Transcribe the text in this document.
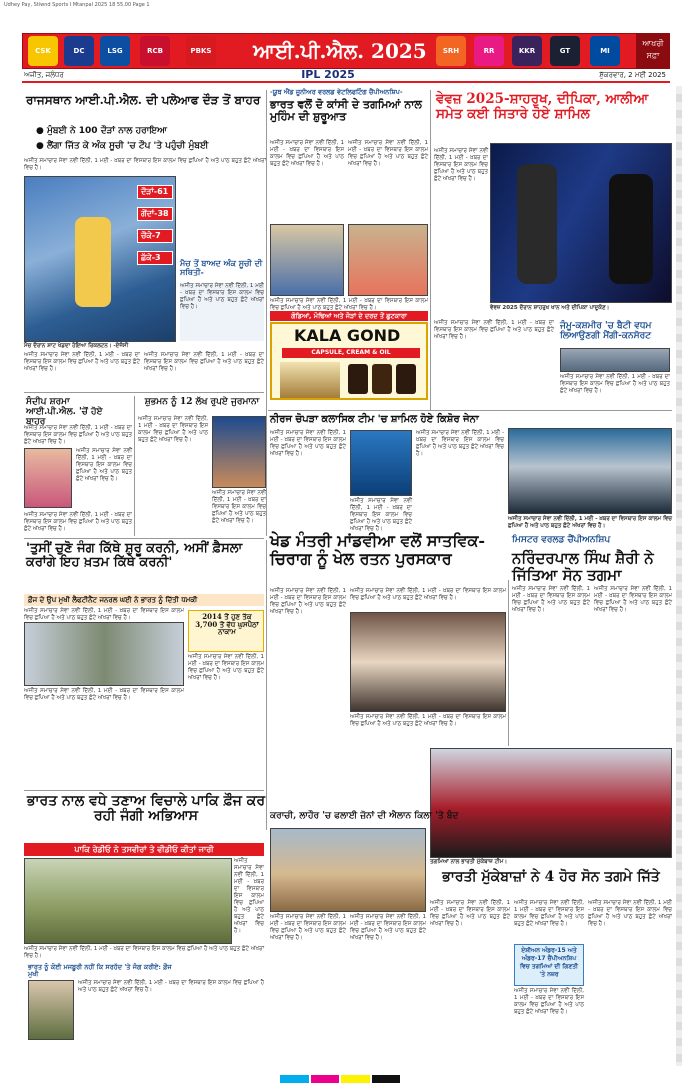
Udhey Pay, Stiwnd Sports I Mtanpal 2025 18 55.00 Page 1
CSK	DC	LSG	RCB	PBKS	SRH	RR	KKR	GT	MI
ਆਈ.ਪੀ.ਐਲ. 2025	ਆਖਰੀ ਸਫ਼ਾ
ਅਜੀਤ, ਜਲੰਧਰ	ਸ਼ੁੱਕਰਵਾਰ, 2 ਮਈ 2025
IPL 2025
ਰਾਜਸਥਾਨ ਆਈ.ਪੀ.ਐਲ. ਦੀ ਪਲੇਆਫ ਦੌੜ ਤੋਂ ਬਾਹਰ
● ਮੁੰਬਈ ਨੇ 100 ਦੌੜਾਂ ਨਾਲ ਹਰਾਇਆ
● ਲੈਂਗਾ ਜਿੱਤ ਕੇ ਅੰਕ ਸੂਚੀ 'ਚ ਟੌਪ 'ਤੇ ਪਹੁੰਚੀ ਮੁੰਬਈ
ਅਜੀਤ ਸਮਾਚਾਰ ਸੇਵਾ ਨਵੀਂ ਦਿੱਲੀ, 1 ਮਈ - ਖ਼ਬਰ ਦਾ ਵਿਸਥਾਰ ਇਸ ਕਾਲਮ ਵਿਚ ਛਪਿਆ ਹੈ ਅਤੇ ਪਾਠ ਬਹੁਤ ਛੋਟੇ ਅੱਖਰਾਂ ਵਿਚ ਹੈ।
ਦੌੜਾਂ-61
ਗੇਂਦਾਂ-38
ਚੌਕੇ-7
ਛੱਕੇ-3
ਮੈਚ ਤੋਂ ਬਾਅਦ ਅੰਕ ਸੂਚੀ ਦੀ ਸਥਿਤੀ-
ਅਜੀਤ ਸਮਾਚਾਰ ਸੇਵਾ ਨਵੀਂ ਦਿੱਲੀ, 1 ਮਈ - ਖ਼ਬਰ ਦਾ ਵਿਸਥਾਰ ਇਸ ਕਾਲਮ ਵਿਚ ਛਪਿਆ ਹੈ ਅਤੇ ਪਾਠ ਬਹੁਤ ਛੋਟੇ ਅੱਖਰਾਂ ਵਿਚ ਹੈ।
ਮੈਚ ਦੌਰਾਨ ਸ਼ਾਟ ਖੇਡਦਾ ਹੋਇਆ ਰਿਕਲਟਨ। -ਏਜੰਸੀ
ਅਜੀਤ ਸਮਾਚਾਰ ਸੇਵਾ ਨਵੀਂ ਦਿੱਲੀ, 1 ਮਈ - ਖ਼ਬਰ ਦਾ ਵਿਸਥਾਰ ਇਸ ਕਾਲਮ ਵਿਚ ਛਪਿਆ ਹੈ ਅਤੇ ਪਾਠ ਬਹੁਤ ਛੋਟੇ ਅੱਖਰਾਂ ਵਿਚ ਹੈ।
ਅਜੀਤ ਸਮਾਚਾਰ ਸੇਵਾ ਨਵੀਂ ਦਿੱਲੀ, 1 ਮਈ - ਖ਼ਬਰ ਦਾ ਵਿਸਥਾਰ ਇਸ ਕਾਲਮ ਵਿਚ ਛਪਿਆ ਹੈ ਅਤੇ ਪਾਠ ਬਹੁਤ ਛੋਟੇ ਅੱਖਰਾਂ ਵਿਚ ਹੈ।
ਸੰਦੀਪ ਸ਼ਰਮਾ ਆਈ.ਪੀ.ਐਲ. 'ਚੋਂ ਹੋਏ ਬਾਹਰ
ਅਜੀਤ ਸਮਾਚਾਰ ਸੇਵਾ ਨਵੀਂ ਦਿੱਲੀ, 1 ਮਈ - ਖ਼ਬਰ ਦਾ ਵਿਸਥਾਰ ਇਸ ਕਾਲਮ ਵਿਚ ਛਪਿਆ ਹੈ ਅਤੇ ਪਾਠ ਬਹੁਤ ਛੋਟੇ ਅੱਖਰਾਂ ਵਿਚ ਹੈ।
ਅਜੀਤ ਸਮਾਚਾਰ ਸੇਵਾ ਨਵੀਂ ਦਿੱਲੀ, 1 ਮਈ - ਖ਼ਬਰ ਦਾ ਵਿਸਥਾਰ ਇਸ ਕਾਲਮ ਵਿਚ ਛਪਿਆ ਹੈ ਅਤੇ ਪਾਠ ਬਹੁਤ ਛੋਟੇ ਅੱਖਰਾਂ ਵਿਚ ਹੈ।
ਅਜੀਤ ਸਮਾਚਾਰ ਸੇਵਾ ਨਵੀਂ ਦਿੱਲੀ, 1 ਮਈ - ਖ਼ਬਰ ਦਾ ਵਿਸਥਾਰ ਇਸ ਕਾਲਮ ਵਿਚ ਛਪਿਆ ਹੈ ਅਤੇ ਪਾਠ ਬਹੁਤ ਛੋਟੇ ਅੱਖਰਾਂ ਵਿਚ ਹੈ।
ਸ਼ੁਭਮਨ ਨੂੰ 12 ਲੱਖ ਰੁਪਏ ਜੁਰਮਾਨਾ
ਅਜੀਤ ਸਮਾਚਾਰ ਸੇਵਾ ਨਵੀਂ ਦਿੱਲੀ, 1 ਮਈ - ਖ਼ਬਰ ਦਾ ਵਿਸਥਾਰ ਇਸ ਕਾਲਮ ਵਿਚ ਛਪਿਆ ਹੈ ਅਤੇ ਪਾਠ ਬਹੁਤ ਛੋਟੇ ਅੱਖਰਾਂ ਵਿਚ ਹੈ।
ਅਜੀਤ ਸਮਾਚਾਰ ਸੇਵਾ ਨਵੀਂ ਦਿੱਲੀ, 1 ਮਈ - ਖ਼ਬਰ ਦਾ ਵਿਸਥਾਰ ਇਸ ਕਾਲਮ ਵਿਚ ਛਪਿਆ ਹੈ ਅਤੇ ਪਾਠ ਬਹੁਤ ਛੋਟੇ ਅੱਖਰਾਂ ਵਿਚ ਹੈ।
-ਯੂਥ ਐਂਡ ਜੂਨੀਅਰ ਵਰਲਡ ਵੇਟਲਿਫਟਿੰਗ ਚੈਂਪੀਅਨਸ਼ਿਪ-
ਭਾਰਤ ਵਲੋਂ ਦੋ ਕਾਂਸੀ ਦੇ ਤਗਮਿਆਂ ਨਾਲ ਮੁਹਿੰਮ ਦੀ ਸ਼ੁਰੂਆਤ
ਅਜੀਤ ਸਮਾਚਾਰ ਸੇਵਾ ਨਵੀਂ ਦਿੱਲੀ, 1 ਮਈ - ਖ਼ਬਰ ਦਾ ਵਿਸਥਾਰ ਇਸ ਕਾਲਮ ਵਿਚ ਛਪਿਆ ਹੈ ਅਤੇ ਪਾਠ ਬਹੁਤ ਛੋਟੇ ਅੱਖਰਾਂ ਵਿਚ ਹੈ।
ਅਜੀਤ ਸਮਾਚਾਰ ਸੇਵਾ ਨਵੀਂ ਦਿੱਲੀ, 1 ਮਈ - ਖ਼ਬਰ ਦਾ ਵਿਸਥਾਰ ਇਸ ਕਾਲਮ ਵਿਚ ਛਪਿਆ ਹੈ ਅਤੇ ਪਾਠ ਬਹੁਤ ਛੋਟੇ ਅੱਖਰਾਂ ਵਿਚ ਹੈ।
ਅਜੀਤ ਸਮਾਚਾਰ ਸੇਵਾ ਨਵੀਂ ਦਿੱਲੀ, 1 ਮਈ - ਖ਼ਬਰ ਦਾ ਵਿਸਥਾਰ ਇਸ ਕਾਲਮ ਵਿਚ ਛਪਿਆ ਹੈ ਅਤੇ ਪਾਠ ਬਹੁਤ ਛੋਟੇ ਅੱਖਰਾਂ ਵਿਚ ਹੈ।
ਗੋਡਿਆਂ, ਮੋਢਿਆਂ ਅਤੇ ਜੋੜਾਂ ਦੇ ਦਰਦ ਤੋਂ ਛੁਟਕਾਰਾ
KALA GOND
CAPSULE, CREAM & OIL
ਵੇਵਜ਼ 2025-ਸ਼ਾਹਰੁਖ, ਦੀਪਿਕਾ, ਆਲੀਆ ਸਮੇਤ ਕਈ ਸਿਤਾਰੇ ਹੋਏ ਸ਼ਾਮਿਲ
ਅਜੀਤ ਸਮਾਚਾਰ ਸੇਵਾ ਨਵੀਂ ਦਿੱਲੀ, 1 ਮਈ - ਖ਼ਬਰ ਦਾ ਵਿਸਥਾਰ ਇਸ ਕਾਲਮ ਵਿਚ ਛਪਿਆ ਹੈ ਅਤੇ ਪਾਠ ਬਹੁਤ ਛੋਟੇ ਅੱਖਰਾਂ ਵਿਚ ਹੈ।
ਵੇਵਜ਼ 2025 ਦੌਰਾਨ ਸ਼ਾਹਰੁਖ ਖਾਨ ਅਤੇ ਦੀਪਿਕਾ ਪਾਦੂਕੋਣ।
ਅਜੀਤ ਸਮਾਚਾਰ ਸੇਵਾ ਨਵੀਂ ਦਿੱਲੀ, 1 ਮਈ - ਖ਼ਬਰ ਦਾ ਵਿਸਥਾਰ ਇਸ ਕਾਲਮ ਵਿਚ ਛਪਿਆ ਹੈ ਅਤੇ ਪਾਠ ਬਹੁਤ ਛੋਟੇ ਅੱਖਰਾਂ ਵਿਚ ਹੈ।
ਜੰਮੂ-ਕਸ਼ਮੀਰ 'ਚ ਬੈਟੀ ਵਧਮ ਲਿਆਉਣਗੀ ਮੈਂਗੀ-ਕਨਸੋਰਟ
ਅਜੀਤ ਸਮਾਚਾਰ ਸੇਵਾ ਨਵੀਂ ਦਿੱਲੀ, 1 ਮਈ - ਖ਼ਬਰ ਦਾ ਵਿਸਥਾਰ ਇਸ ਕਾਲਮ ਵਿਚ ਛਪਿਆ ਹੈ ਅਤੇ ਪਾਠ ਬਹੁਤ ਛੋਟੇ ਅੱਖਰਾਂ ਵਿਚ ਹੈ।
ਨੀਰਜ ਚੋਪੜਾ ਕਲਾਸਿਕ ਟੀਮ 'ਚ ਸ਼ਾਮਿਲ ਹੋਏ ਕਿਸ਼ੋਰ ਜੇਨਾ
ਅਜੀਤ ਸਮਾਚਾਰ ਸੇਵਾ ਨਵੀਂ ਦਿੱਲੀ, 1 ਮਈ - ਖ਼ਬਰ ਦਾ ਵਿਸਥਾਰ ਇਸ ਕਾਲਮ ਵਿਚ ਛਪਿਆ ਹੈ ਅਤੇ ਪਾਠ ਬਹੁਤ ਛੋਟੇ ਅੱਖਰਾਂ ਵਿਚ ਹੈ।
ਅਜੀਤ ਸਮਾਚਾਰ ਸੇਵਾ ਨਵੀਂ ਦਿੱਲੀ, 1 ਮਈ - ਖ਼ਬਰ ਦਾ ਵਿਸਥਾਰ ਇਸ ਕਾਲਮ ਵਿਚ ਛਪਿਆ ਹੈ ਅਤੇ ਪਾਠ ਬਹੁਤ ਛੋਟੇ ਅੱਖਰਾਂ ਵਿਚ ਹੈ।
ਅਜੀਤ ਸਮਾਚਾਰ ਸੇਵਾ ਨਵੀਂ ਦਿੱਲੀ, 1 ਮਈ - ਖ਼ਬਰ ਦਾ ਵਿਸਥਾਰ ਇਸ ਕਾਲਮ ਵਿਚ ਛਪਿਆ ਹੈ ਅਤੇ ਪਾਠ ਬਹੁਤ ਛੋਟੇ ਅੱਖਰਾਂ ਵਿਚ ਹੈ।
ਅਜੀਤ ਸਮਾਚਾਰ ਸੇਵਾ ਨਵੀਂ ਦਿੱਲੀ, 1 ਮਈ - ਖ਼ਬਰ ਦਾ ਵਿਸਥਾਰ ਇਸ ਕਾਲਮ ਵਿਚ ਛਪਿਆ ਹੈ ਅਤੇ ਪਾਠ ਬਹੁਤ ਛੋਟੇ ਅੱਖਰਾਂ ਵਿਚ ਹੈ।
'ਤੁਸੀਂ ਚੁਣੋ ਜੰਗ ਕਿੱਥੇ ਸ਼ੁਰੂ ਕਰਨੀ, ਅਸੀਂ ਫ਼ੈਸਲਾ ਕਰਾਂਗੇ ਇਹ ਖ਼ਤਮ ਕਿੱਥੇ ਕਰਨੀ'
ਖੇਡ ਮੰਤਰੀ ਮਾਂਡਵੀਆ ਵਲੋਂ ਸਾਤਵਿਕ-ਚਿਰਾਗ ਨੂੰ ਖੇਲ ਰਤਨ ਪੁਰਸਕਾਰ
ਮਿਸਟਰ ਵਰਲਡ ਚੈਂਪੀਅਨਸ਼ਿਪ
ਨਰਿੰਦਰਪਾਲ ਸਿੰਘ ਸ਼ੈਰੀ ਨੇ ਜਿੱਤਿਆ ਸੋਨ ਤਗਮਾ
ਫ਼ੌਜ ਦੇ ਉਪ ਮੁਖੀ ਲੈਫਟੀਨੈਂਟ ਜਨਰਲ ਘਈ ਨੇ ਭਾਰਤ ਨੂੰ ਦਿੱਤੀ ਧਮਕੀ
ਅਜੀਤ ਸਮਾਚਾਰ ਸੇਵਾ ਨਵੀਂ ਦਿੱਲੀ, 1 ਮਈ - ਖ਼ਬਰ ਦਾ ਵਿਸਥਾਰ ਇਸ ਕਾਲਮ ਵਿਚ ਛਪਿਆ ਹੈ ਅਤੇ ਪਾਠ ਬਹੁਤ ਛੋਟੇ ਅੱਖਰਾਂ ਵਿਚ ਹੈ।	2014 ਤੋਂ ਹੁਣ ਤੱਕ 3,700 ਤੋਂ ਵੱਧ ਘੁਸਪੈਠਾਂ ਨਾਕਾਮ
ਅਜੀਤ ਸਮਾਚਾਰ ਸੇਵਾ ਨਵੀਂ ਦਿੱਲੀ, 1 ਮਈ - ਖ਼ਬਰ ਦਾ ਵਿਸਥਾਰ ਇਸ ਕਾਲਮ ਵਿਚ ਛਪਿਆ ਹੈ ਅਤੇ ਪਾਠ ਬਹੁਤ ਛੋਟੇ ਅੱਖਰਾਂ ਵਿਚ ਹੈ।
ਅਜੀਤ ਸਮਾਚਾਰ ਸੇਵਾ ਨਵੀਂ ਦਿੱਲੀ, 1 ਮਈ - ਖ਼ਬਰ ਦਾ ਵਿਸਥਾਰ ਇਸ ਕਾਲਮ ਵਿਚ ਛਪਿਆ ਹੈ ਅਤੇ ਪਾਠ ਬਹੁਤ ਛੋਟੇ ਅੱਖਰਾਂ ਵਿਚ ਹੈ।
ਅਜੀਤ ਸਮਾਚਾਰ ਸੇਵਾ ਨਵੀਂ ਦਿੱਲੀ, 1 ਮਈ - ਖ਼ਬਰ ਦਾ ਵਿਸਥਾਰ ਇਸ ਕਾਲਮ ਵਿਚ ਛਪਿਆ ਹੈ ਅਤੇ ਪਾਠ ਬਹੁਤ ਛੋਟੇ ਅੱਖਰਾਂ ਵਿਚ ਹੈ।
ਅਜੀਤ ਸਮਾਚਾਰ ਸੇਵਾ ਨਵੀਂ ਦਿੱਲੀ, 1 ਮਈ - ਖ਼ਬਰ ਦਾ ਵਿਸਥਾਰ ਇਸ ਕਾਲਮ ਵਿਚ ਛਪਿਆ ਹੈ ਅਤੇ ਪਾਠ ਬਹੁਤ ਛੋਟੇ ਅੱਖਰਾਂ ਵਿਚ ਹੈ।
ਅਜੀਤ ਸਮਾਚਾਰ ਸੇਵਾ ਨਵੀਂ ਦਿੱਲੀ, 1 ਮਈ - ਖ਼ਬਰ ਦਾ ਵਿਸਥਾਰ ਇਸ ਕਾਲਮ ਵਿਚ ਛਪਿਆ ਹੈ ਅਤੇ ਪਾਠ ਬਹੁਤ ਛੋਟੇ ਅੱਖਰਾਂ ਵਿਚ ਹੈ।
ਅਜੀਤ ਸਮਾਚਾਰ ਸੇਵਾ ਨਵੀਂ ਦਿੱਲੀ, 1 ਮਈ - ਖ਼ਬਰ ਦਾ ਵਿਸਥਾਰ ਇਸ ਕਾਲਮ ਵਿਚ ਛਪਿਆ ਹੈ ਅਤੇ ਪਾਠ ਬਹੁਤ ਛੋਟੇ ਅੱਖਰਾਂ ਵਿਚ ਹੈ।
ਅਜੀਤ ਸਮਾਚਾਰ ਸੇਵਾ ਨਵੀਂ ਦਿੱਲੀ, 1 ਮਈ - ਖ਼ਬਰ ਦਾ ਵਿਸਥਾਰ ਇਸ ਕਾਲਮ ਵਿਚ ਛਪਿਆ ਹੈ ਅਤੇ ਪਾਠ ਬਹੁਤ ਛੋਟੇ ਅੱਖਰਾਂ ਵਿਚ ਹੈ।
ਤਗਮਿਆਂ ਨਾਲ ਭਾਰਤੀ ਮੁੱਕੇਬਾਜ਼ ਟੀਮ।
ਭਾਰਤ ਨਾਲ ਵਧੇ ਤਣਾਅ ਵਿਚਾਲੇ ਪਾਕਿ ਫ਼ੌਜ ਕਰ ਰਹੀ ਜੰਗੀ ਅਭਿਆਸ
ਪਾਕਿ ਰੇਡੀਓ ਨੇ ਤਸਵੀਰਾਂ ਤੇ ਵੀਡੀਓ ਕੀਤਾਂ ਜਾਰੀ
ਅਜੀਤ ਸਮਾਚਾਰ ਸੇਵਾ ਨਵੀਂ ਦਿੱਲੀ, 1 ਮਈ - ਖ਼ਬਰ ਦਾ ਵਿਸਥਾਰ ਇਸ ਕਾਲਮ ਵਿਚ ਛਪਿਆ ਹੈ ਅਤੇ ਪਾਠ ਬਹੁਤ ਛੋਟੇ ਅੱਖਰਾਂ ਵਿਚ ਹੈ।
ਅਜੀਤ ਸਮਾਚਾਰ ਸੇਵਾ ਨਵੀਂ ਦਿੱਲੀ, 1 ਮਈ - ਖ਼ਬਰ ਦਾ ਵਿਸਥਾਰ ਇਸ ਕਾਲਮ ਵਿਚ ਛਪਿਆ ਹੈ ਅਤੇ ਪਾਠ ਬਹੁਤ ਛੋਟੇ ਅੱਖਰਾਂ ਵਿਚ ਹੈ।
ਭਾਰਤ ਨੂੰ ਕੋਈ ਮਜਬੂਰੀ ਨਹੀਂ ਕਿ ਸਰਹੱਦ 'ਤੇ ਜੰਗ ਕਰੀਏ: ਫ਼ੌਜ ਮੁਖੀ
ਅਜੀਤ ਸਮਾਚਾਰ ਸੇਵਾ ਨਵੀਂ ਦਿੱਲੀ, 1 ਮਈ - ਖ਼ਬਰ ਦਾ ਵਿਸਥਾਰ ਇਸ ਕਾਲਮ ਵਿਚ ਛਪਿਆ ਹੈ ਅਤੇ ਪਾਠ ਬਹੁਤ ਛੋਟੇ ਅੱਖਰਾਂ ਵਿਚ ਹੈ।
ਕਰਾਚੀ, ਲਾਹੌਰ 'ਚ ਫਲਾਈ ਜ਼ੋਨਾਂ ਦੀ ਐਲਾਨ ਕਿਲਾ 'ਤੇ ਬੰਦ
ਅਜੀਤ ਸਮਾਚਾਰ ਸੇਵਾ ਨਵੀਂ ਦਿੱਲੀ, 1 ਮਈ - ਖ਼ਬਰ ਦਾ ਵਿਸਥਾਰ ਇਸ ਕਾਲਮ ਵਿਚ ਛਪਿਆ ਹੈ ਅਤੇ ਪਾਠ ਬਹੁਤ ਛੋਟੇ ਅੱਖਰਾਂ ਵਿਚ ਹੈ।
ਅਜੀਤ ਸਮਾਚਾਰ ਸੇਵਾ ਨਵੀਂ ਦਿੱਲੀ, 1 ਮਈ - ਖ਼ਬਰ ਦਾ ਵਿਸਥਾਰ ਇਸ ਕਾਲਮ ਵਿਚ ਛਪਿਆ ਹੈ ਅਤੇ ਪਾਠ ਬਹੁਤ ਛੋਟੇ ਅੱਖਰਾਂ ਵਿਚ ਹੈ।
ਭਾਰਤੀ ਮੁੱਕੇਬਾਜ਼ਾਂ ਨੇ 4 ਹੋਰ ਸੋਨ ਤਗਮੇ ਜਿੱਤੇ
ਅਜੀਤ ਸਮਾਚਾਰ ਸੇਵਾ ਨਵੀਂ ਦਿੱਲੀ, 1 ਮਈ - ਖ਼ਬਰ ਦਾ ਵਿਸਥਾਰ ਇਸ ਕਾਲਮ ਵਿਚ ਛਪਿਆ ਹੈ ਅਤੇ ਪਾਠ ਬਹੁਤ ਛੋਟੇ ਅੱਖਰਾਂ ਵਿਚ ਹੈ।
ਏਸ਼ੀਅਨ ਅੰਡਰ-15 ਅਤੇ ਅੰਡਰ-17 ਚੈਂਪੀਅਨਸ਼ਿਪ ਵਿਚ ਤਗਮਿਆਂ ਦੀ ਗਿਣਤੀ 'ਤੇ ਨਜ਼ਰ
ਅਜੀਤ ਸਮਾਚਾਰ ਸੇਵਾ ਨਵੀਂ ਦਿੱਲੀ, 1 ਮਈ - ਖ਼ਬਰ ਦਾ ਵਿਸਥਾਰ ਇਸ ਕਾਲਮ ਵਿਚ ਛਪਿਆ ਹੈ ਅਤੇ ਪਾਠ ਬਹੁਤ ਛੋਟੇ ਅੱਖਰਾਂ ਵਿਚ ਹੈ।
ਅਜੀਤ ਸਮਾਚਾਰ ਸੇਵਾ ਨਵੀਂ ਦਿੱਲੀ, 1 ਮਈ - ਖ਼ਬਰ ਦਾ ਵਿਸਥਾਰ ਇਸ ਕਾਲਮ ਵਿਚ ਛਪਿਆ ਹੈ ਅਤੇ ਪਾਠ ਬਹੁਤ ਛੋਟੇ ਅੱਖਰਾਂ ਵਿਚ ਹੈ।
ਅਜੀਤ ਸਮਾਚਾਰ ਸੇਵਾ ਨਵੀਂ ਦਿੱਲੀ, 1 ਮਈ - ਖ਼ਬਰ ਦਾ ਵਿਸਥਾਰ ਇਸ ਕਾਲਮ ਵਿਚ ਛਪਿਆ ਹੈ ਅਤੇ ਪਾਠ ਬਹੁਤ ਛੋਟੇ ਅੱਖਰਾਂ ਵਿਚ ਹੈ।
